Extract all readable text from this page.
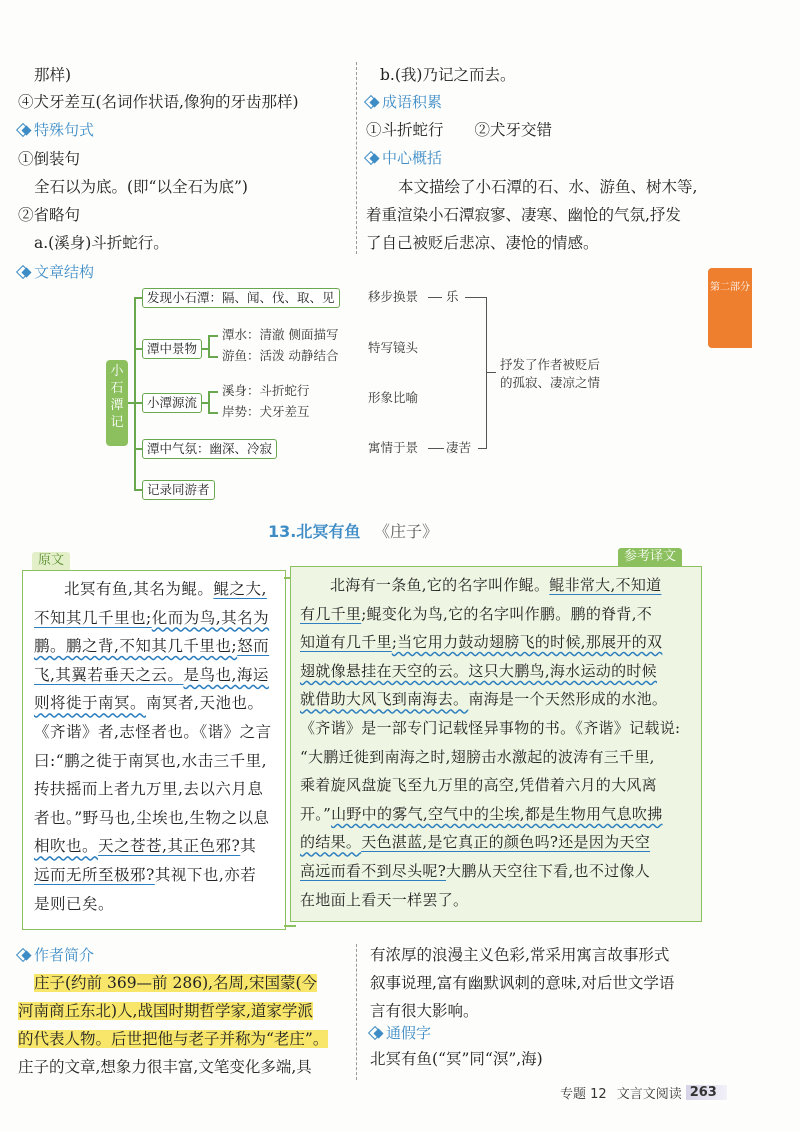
那样)
④犬牙差互(名词作状语,像狗的牙齿那样)
特殊句式
①倒装句
全石以为底。(即“以全石为底”)
②省略句
a.(溪身)斗折蛇行。
b.(我)乃记之而去。
成语积累
①斗折蛇行　　②犬牙交错
中心概括
本文描绘了小石潭的石、水、游鱼、树木等,
着重渲染小石潭寂寥、凄寒、幽怆的气氛,抒发
了自己被贬后悲凉、凄怆的情感。
第二部分
文章结构
小石潭记
发现小石潭：隔、闻、伐、取、见
潭中景物
小潭源流
潭中气氛：幽深、冷寂
记录同游者
潭水：清澈 侧面描写
游鱼：活泼 动静结合
溪身：斗折蛇行
岸势：犬牙差互
移步换景 乐
特写镜头
形象比喻
寓情于景 凄苦
抒发了作者被贬后
的孤寂、凄凉之情
13.北冥有鱼 《庄子》
原文
北冥有鱼,其名为鲲。鲲之大,
不知其几千里也;化而为鸟,其名为
鹏。鹏之背,不知其几千里也;怒而
飞,其翼若垂天之云。是鸟也,海运
则将徙于南冥。南冥者,天池也。
《齐谐》者,志怪者也。《谐》之言
曰:“鹏之徙于南冥也,水击三千里,
抟扶摇而上者九万里,去以六月息
者也。”野马也,尘埃也,生物之以息
相吹也。天之苍苍,其正色邪?其
远而无所至极邪?其视下也,亦若
是则已矣。
参考译文
北海有一条鱼,它的名字叫作鲲。鲲非常大,不知道
有几千里;鲲变化为鸟,它的名字叫作鹏。鹏的脊背,不
知道有几千里;当它用力鼓动翅膀飞的时候,那展开的双
翅就像悬挂在天空的云。这只大鹏鸟,海水运动的时候
就借助大风飞到南海去。南海是一个天然形成的水池。
《齐谐》是一部专门记载怪异事物的书。《齐谐》记载说:
“大鹏迁徙到南海之时,翅膀击水激起的波涛有三千里,
乘着旋风盘旋飞至九万里的高空,凭借着六月的大风离
开。”山野中的雾气,空气中的尘埃,都是生物用气息吹拂
的结果。天色湛蓝,是它真正的颜色吗?还是因为天空
高远而看不到尽头呢?大鹏从天空往下看,也不过像人
在地面上看天一样罢了。
作者简介
庄子(约前 369—前 286),名周,宋国蒙(今
河南商丘东北)人,战国时期哲学家,道家学派
的代表人物。后世把他与老子并称为“老庄”。
庄子的文章,想象力很丰富,文笔变化多端,具
有浓厚的浪漫主义色彩,常采用寓言故事形式
叙事说理,富有幽默讽刺的意味,对后世文学语
言有很大影响。
通假字
北冥有鱼(“冥”同“溟”,海)
专题 12 文言文阅读 263
